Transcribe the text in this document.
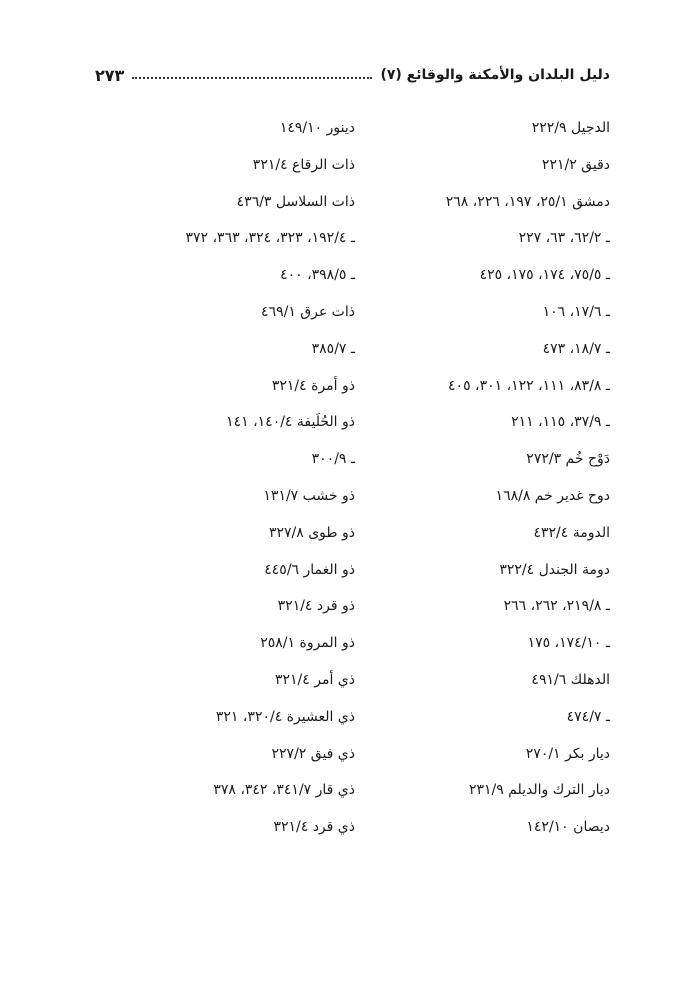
٢٧٣	دليل البلدان والأمكنة والوقائع (٧)
الدجيل ٢٢٢/٩
دقيق ٢٢١/٢
دمشق ٢٥/١، ١٩٧، ٢٢٦، ٢٦٨
ـ ٦٢/٢، ٦٣، ٢٢٧
ـ ٧٥/٥، ١٧٤، ١٧٥، ٤٢٥
ـ ١٧/٦، ١٠٦
ـ ١٨/٧، ٤٧٣
ـ ٨٣/٨، ١١١، ١٢٢، ٣٠١، ٤٠٥
ـ ٣٧/٩، ١١٥، ٢١١
دَوْح خُم ٢٧٢/٣
دوح غدير خم ١٦٨/٨
الدومة ٤٣٢/٤
دومة الجندل ٣٢٢/٤
ـ ٢١٩/٨، ٢٦٢، ٢٦٦
ـ ١٧٤/١٠، ١٧٥
الدهلك ٤٩١/٦
ـ ٤٧٤/٧
ديار بكر ٢٧٠/١
ديار الترك والديلم ٢٣١/٩
ديصان ١٤٢/١٠
دينور ١٤٩/١٠
ذات الرقاع ٣٢١/٤
ذات السلاسل ٤٣٦/٣
ـ ١٩٢/٤، ٣٢٣، ٣٢٤، ٣٦٣، ٣٧٢
ـ ٣٩٨/٥، ٤٠٠
ذات عرق ٤٦٩/١
ـ ٣٨٥/٧
ذو أمرة ٣٢١/٤
ذو الحُلَيفة ١٤٠/٤، ١٤١
ـ ٣٠٠/٩
ذو خشب ١٣١/٧
ذو طوى ٣٢٧/٨
ذو الغمار ٤٤٥/٦
ذو قرد ٣٢١/٤
ذو المروة ٢٥٨/١
ذي أمر ٣٢١/٤
ذي العشيرة ٣٢٠/٤، ٣٢١
ذي فيق ٢٢٧/٢
ذي قار ٣٤١/٧، ٣٤٢، ٣٧٨
ذي قرد ٣٢١/٤
